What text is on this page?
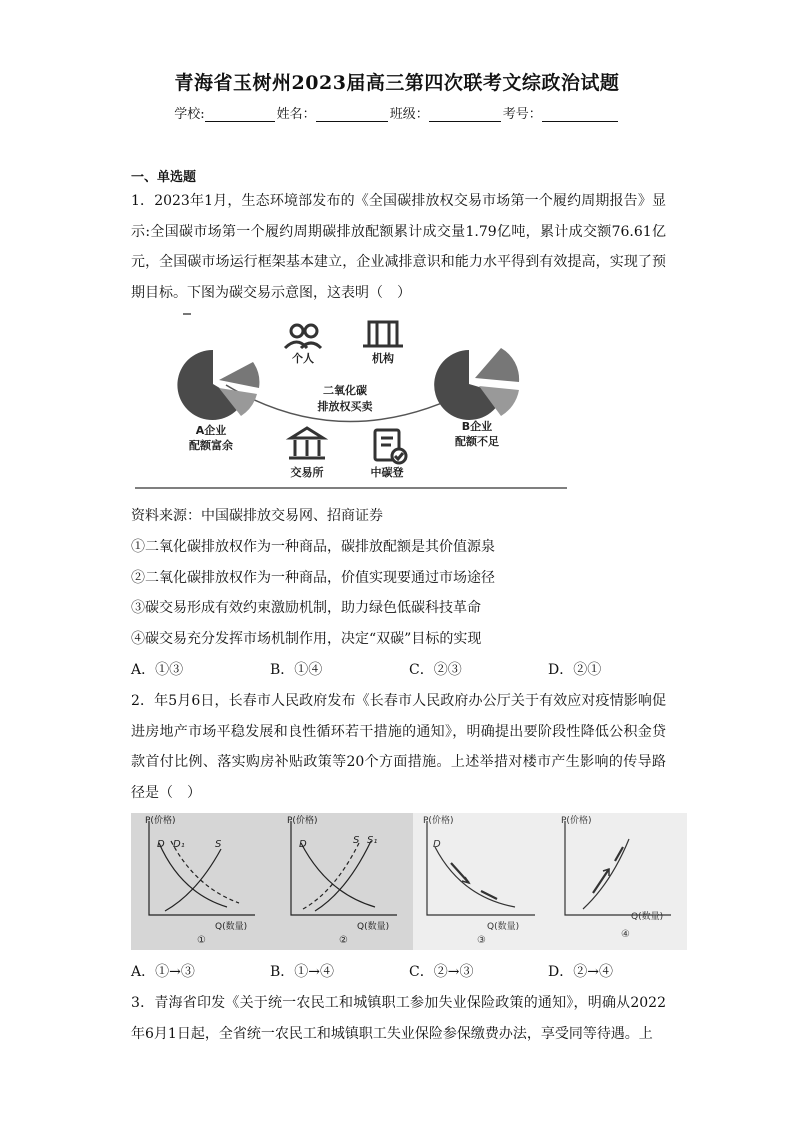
青海省玉树州2023届高三第四次联考文综政治试题
学校:	姓名：	班级：	考号：
一、单选题
1．2023年1月，生态环境部发布的《全国碳排放权交易市场第一个履约周期报告》显示:全国碳市场第一个履约周期碳排放配额累计成交量1.79亿吨，累计成交额76.61亿元，全国碳市场运行框架基本建立，企业减排意识和能力水平得到有效提高，实现了预期目标。下图为碳交易示意图，这表明（　）
个人	机构
交易所	中碳登
二氧化碳
排放权买卖
A企业
配额富余
B企业
配额不足
资料来源：中国碳排放交易网、招商证券
①二氧化碳排放权作为一种商品，碳排放配额是其价值源泉
②二氧化碳排放权作为一种商品，价值实现要通过市场途径
③碳交易形成有效约束激励机制，助力绿色低碳科技革命
④碳交易充分发挥市场机制作用，决定“双碳”目标的实现
A．①③	B．①④	C．②③	D．②①
2．年5月6日，长春市人民政府发布《长春市人民政府办公厅关于有效应对疫情影响促进房地产市场平稳发展和良性循环若干措施的通知》，明确提出要阶段性降低公积金贷款首付比例、落实购房补贴政策等20个方面措施。上述举措对楼市产生影响的传导路径是（　）
P(价格)
Q(数量)
D D₁	S
①
P(价格)
Q(数量)
D	S S₁
②
P(价格)
Q(数量)
D
③
P(价格)
Q(数量)
④
A．①→③	B．①→④	C．②→③	D．②→④
3．青海省印发《关于统一农民工和城镇职工参加失业保险政策的通知》，明确从2022年6月1日起，全省统一农民工和城镇职工失业保险参保缴费办法，享受同等待遇。上
